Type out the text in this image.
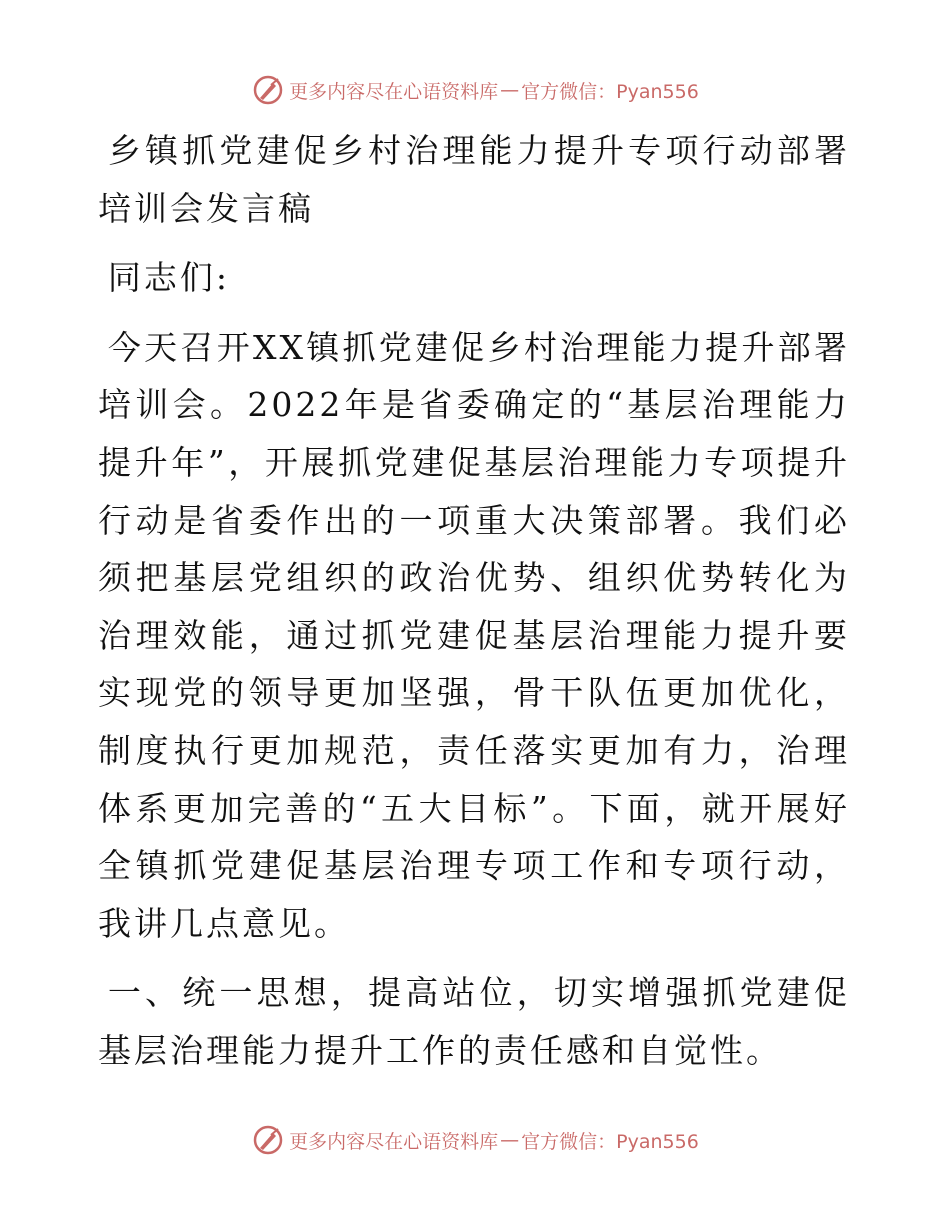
更多内容尽在心语资料库 — 官方微信：Pyan556

乡镇抓党建促乡村治理能力提升专项行动部署培训会发言稿

同志们:

今天召开XX镇抓党建促乡村治理能力提升部署培训会。2022年是省委确定的“基层治理能力提升年”，开展抓党建促基层治理能力专项提升行动是省委作出的一项重大决策部署。我们必须把基层党组织的政治优势、组织优势转化为治理效能，通过抓党建促基层治理能力提升要实现党的领导更加坚强，骨干队伍更加优化，制度执行更加规范，责任落实更加有力，治理体系更加完善的“五大目标”。下面，就开展好全镇抓党建促基层治理专项工作和专项行动，我讲几点意见。

一、统一思想，提高站位，切实增强抓党建促基层治理能力提升工作的责任感和自觉性。

更多内容尽在心语资料库 — 官方微信：Pyan556
